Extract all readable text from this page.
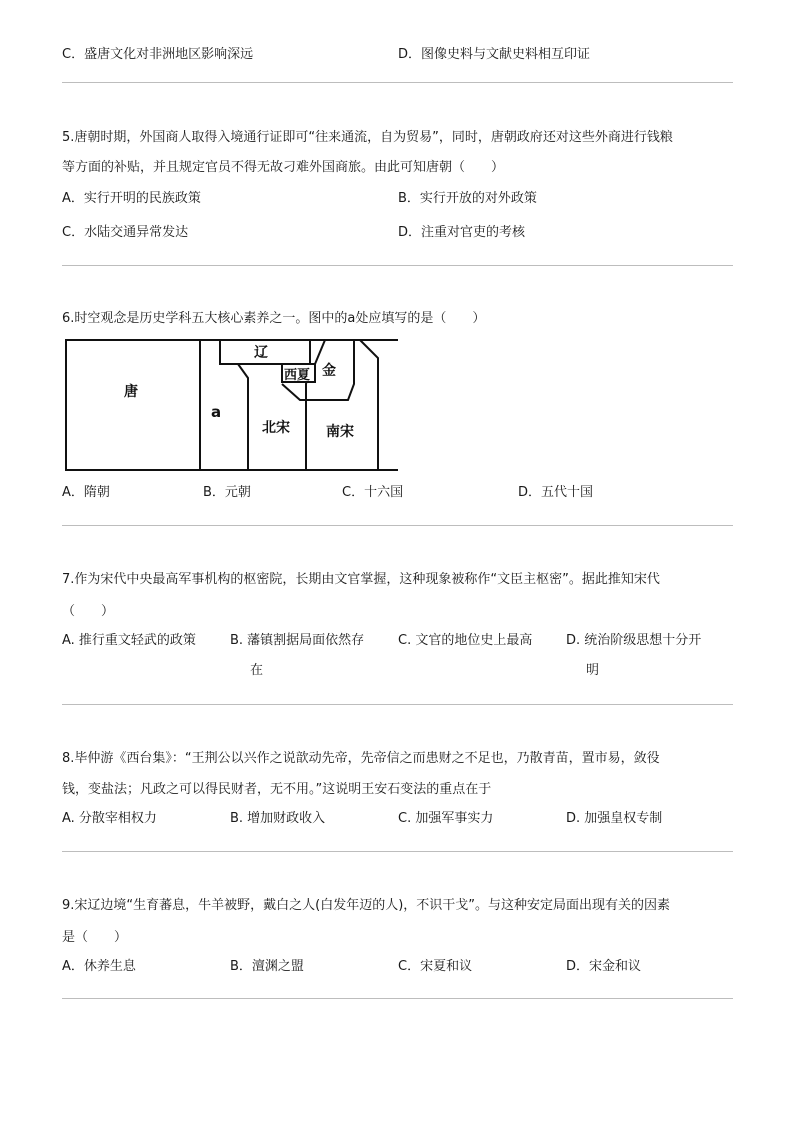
C．盛唐文化对非洲地区影响深远	D．图像史料与文献史料相互印证
5.唐朝时期，外国商人取得入境通行证即可“往来通流，自为贸易”，同时，唐朝政府还对这些外商进行钱粮
等方面的补贴，并且规定官员不得无故刁难外国商旅。由此可知唐朝（　　）
A．实行开明的民族政策	B．实行开放的对外政策
C．水陆交通异常发达	D．注重对官吏的考核
6.时空观念是历史学科五大核心素养之一。图中的a处应填写的是（　　）
唐
a
辽
西夏 金
北宋	南宋
A．隋朝	B．元朝	C．十六国	D．五代十国
7.作为宋代中央最高军事机构的枢密院，长期由文官掌握，这种现象被称作“文臣主枢密”。据此推知宋代
（　　）
A. 推行重文轻武的政策	B. 藩镇割据局面依然存
在
C. 文官的地位史上最高	D. 统治阶级思想十分开
明
8.毕仲游《西台集》：“王荆公以兴作之说歆动先帝，先帝信之而患财之不足也，乃散青苗，置市易，敛役
钱，变盐法；凡政之可以得民财者，无不用。”这说明王安石变法的重点在于
A. 分散宰相权力	B. 增加财政收入	C. 加强军事实力	D. 加强皇权专制
9.宋辽边境“生育蕃息，牛羊被野，戴白之人(白发年迈的人)，不识干戈”。与这种安定局面出现有关的因素
是（　　）
A．休养生息	B．澶渊之盟	C．宋夏和议	D．宋金和议
